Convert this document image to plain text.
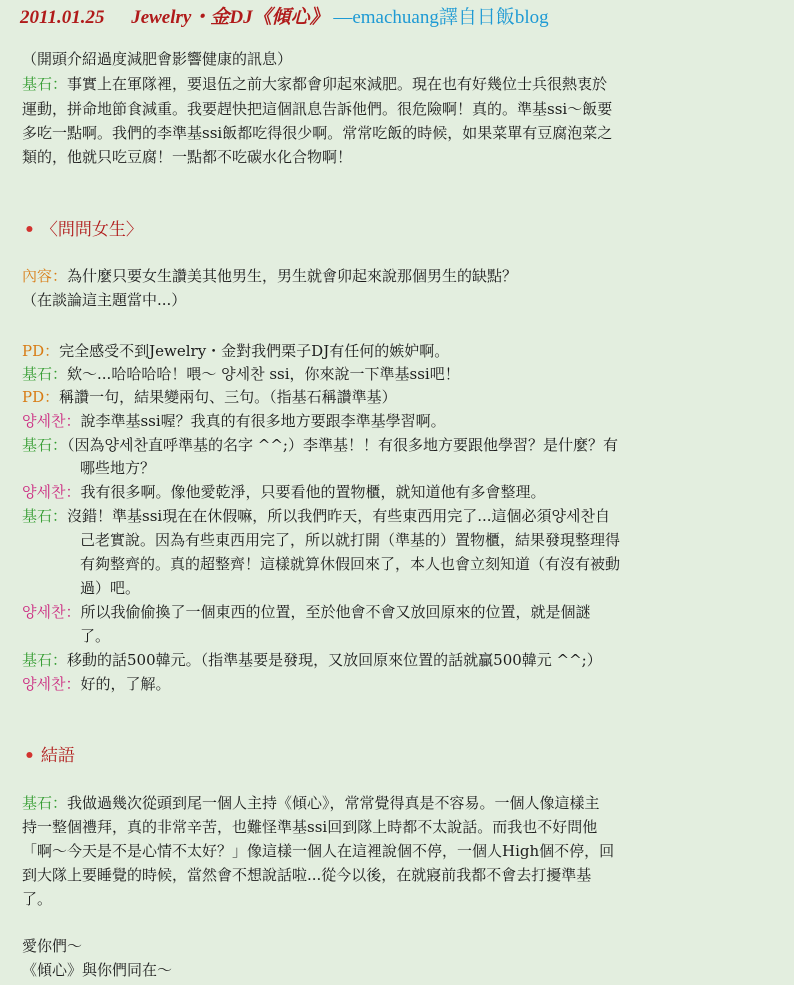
2011.01.25 Jewelry・金DJ《傾心》 —emachuang譯自日飯blog
（開頭介紹過度減肥會影響健康的訊息）
基石：事實上在軍隊裡，要退伍之前大家都會卯起來減肥。現在也有好幾位士兵很熱衷於
運動，拼命地節食減重。我要趕快把這個訊息告訴他們。很危險啊！真的。準基ssi～飯要
多吃一點啊。我們的李準基ssi飯都吃得很少啊。常常吃飯的時候，如果菜單有豆腐泡菜之
類的，他就只吃豆腐！一點都不吃碳水化合物啊！
• 〈問問女生〉
內容：為什麼只要女生讚美其他男生，男生就會卯起來說那個男生的缺點？
（在談論這主題當中...）
PD：完全感受不到Jewelry・金對我們栗子DJ有任何的嫉妒啊。
基石：欸～...哈哈哈哈！喂～ 양세찬 ssi，你來說一下準基ssi吧！
PD：稱讚一句，結果變兩句、三句。（指基石稱讚準基）
양세찬：說李準基ssi喔？我真的有很多地方要跟李準基學習啊。
基石：（因為양세찬直呼準基的名字 ^^;）李準基！！有很多地方要跟他學習？是什麼？有
哪些地方？
양세찬：我有很多啊。像他愛乾淨，只要看他的置物櫃，就知道他有多會整理。
基石：沒錯！準基ssi現在在休假嘛，所以我們昨天，有些東西用完了...這個必須양세찬自
己老實說。因為有些東西用完了，所以就打開（準基的）置物櫃，結果發現整理得
有夠整齊的。真的超整齊！這樣就算休假回來了，本人也會立刻知道（有沒有被動
過）吧。
양세찬：所以我偷偷換了一個東西的位置，至於他會不會又放回原來的位置，就是個謎
了。
基石：移動的話500韓元。（指準基要是發現，又放回原來位置的話就贏500韓元 ^^;）
양세찬：好的，了解。
• 結語
基石：我做過幾次從頭到尾一個人主持《傾心》，常常覺得真是不容易。一個人像這樣主
持一整個禮拜，真的非常辛苦，也難怪準基ssi回到隊上時都不太說話。而我也不好問他
「啊～今天是不是心情不太好？」像這樣一個人在這裡說個不停，一個人High個不停，回
到大隊上要睡覺的時候，當然會不想說話啦...從今以後，在就寢前我都不會去打擾準基
了。
愛你們～
《傾心》與你們同在～
